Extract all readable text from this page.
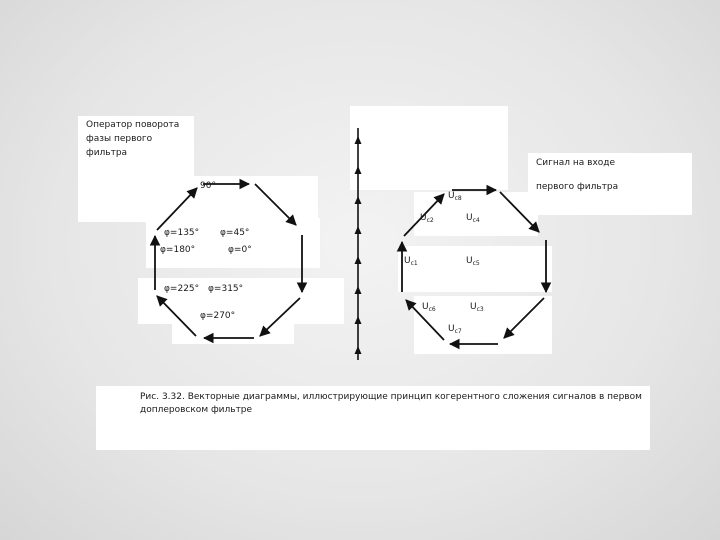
Оператор поворота
фазы первого
фильтра
Сигнал на входе
первого фильтра
90°
φ=135° φ=45°
φ=180°	φ=0°
φ=225° φ=315°
φ=270°
$U_{c8}$
$U_{c2}$	$U_{c4}$
$U_{c1}$	$U_{c5}$
$U_{c6}$	$U_{c3}$
$U_{c7}$
Рис. 3.32. Векторные диаграммы, иллюстрирующие принцип когерентного сложения сигналов в первом
доплеровском фильтре
